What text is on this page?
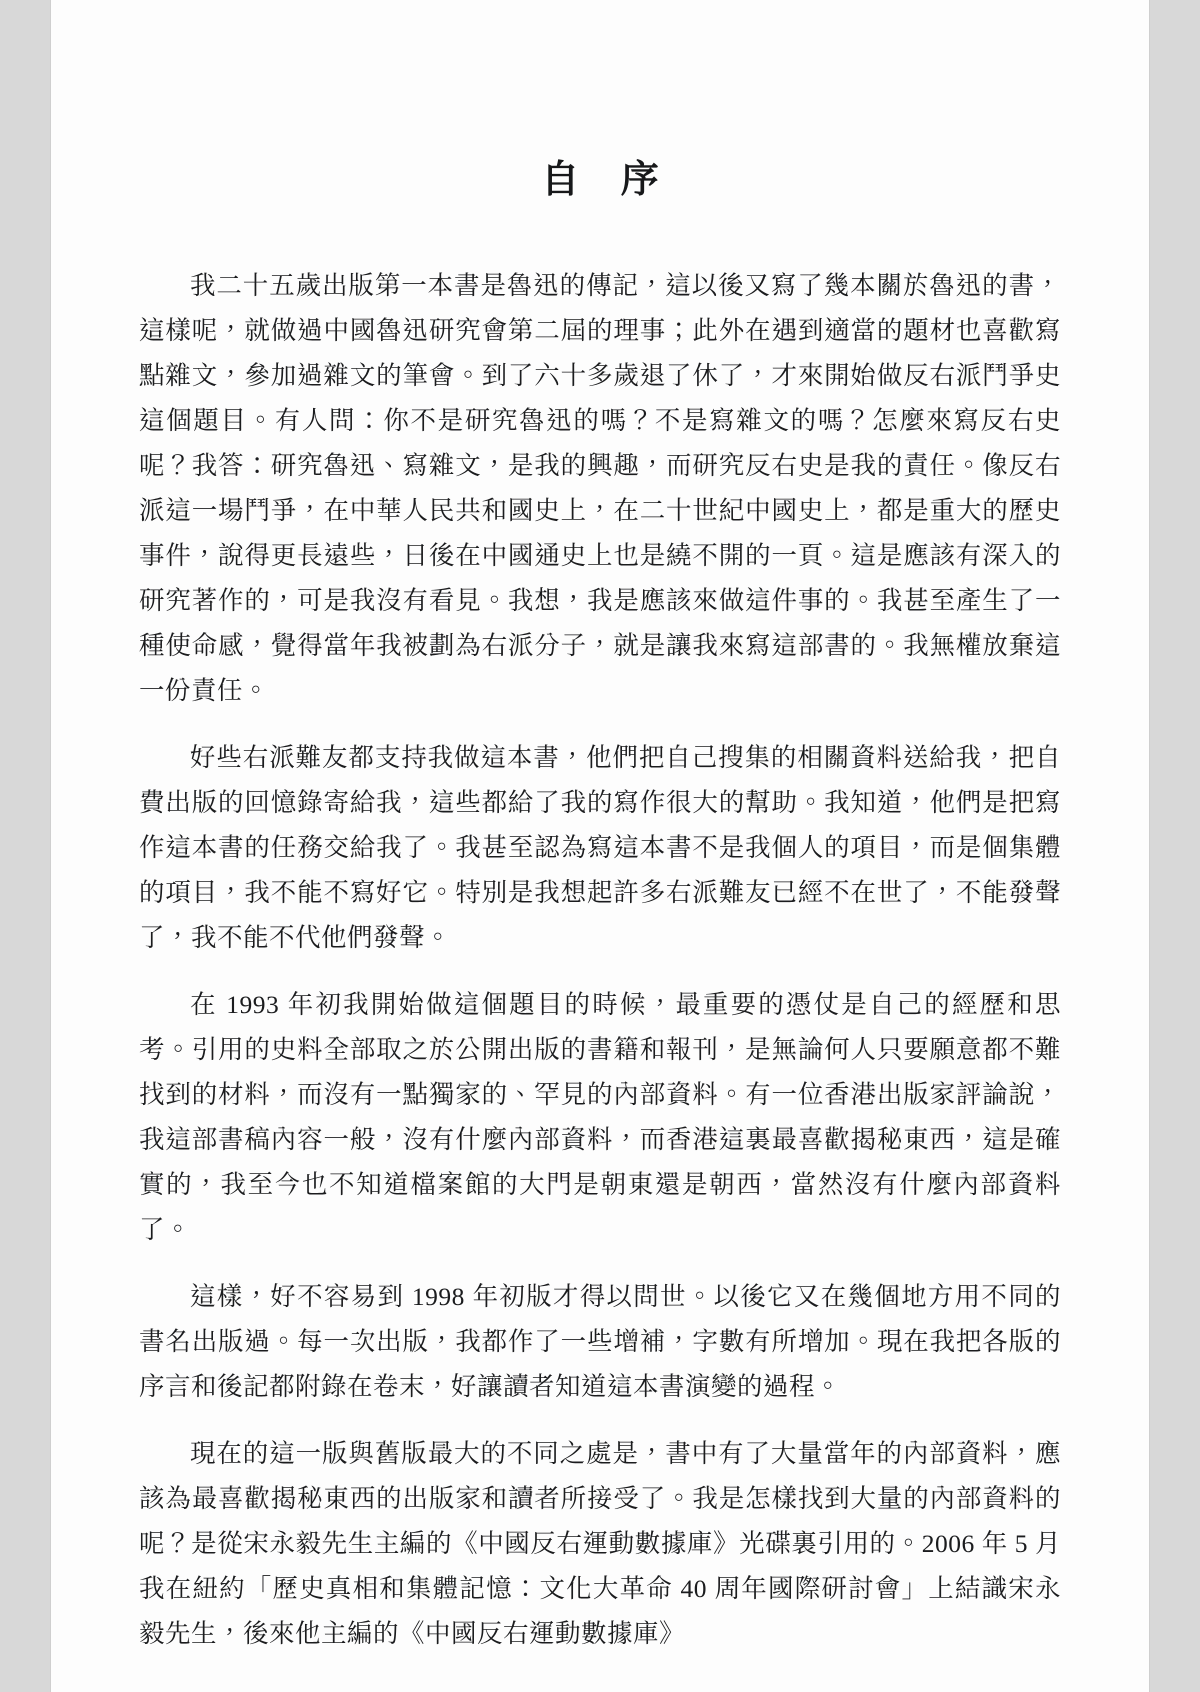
自 序

我二十五歲出版第一本書是魯迅的傳記，這以後又寫了幾本關於魯迅的書，這樣呢，就做過中國魯迅研究會第二屆的理事；此外在遇到適當的題材也喜歡寫點雜文，參加過雜文的筆會。到了六十多歲退了休了，才來開始做反右派鬥爭史這個題目。有人問：你不是研究魯迅的嗎？不是寫雜文的嗎？怎麼來寫反右史呢？我答：研究魯迅、寫雜文，是我的興趣，而研究反右史是我的責任。像反右派這一場鬥爭，在中華人民共和國史上，在二十世紀中國史上，都是重大的歷史事件，說得更長遠些，日後在中國通史上也是繞不開的一頁。這是應該有深入的研究著作的，可是我沒有看見。我想，我是應該來做這件事的。我甚至產生了一種使命感，覺得當年我被劃為右派分子，就是讓我來寫這部書的。我無權放棄這一份責任。

好些右派難友都支持我做這本書，他們把自己搜集的相關資料送給我，把自費出版的回憶錄寄給我，這些都給了我的寫作很大的幫助。我知道，他們是把寫作這本書的任務交給我了。我甚至認為寫這本書不是我個人的項目，而是個集體的項目，我不能不寫好它。特別是我想起許多右派難友已經不在世了，不能發聲了，我不能不代他們發聲。

在 1993 年初我開始做這個題目的時候，最重要的憑仗是自己的經歷和思考。引用的史料全部取之於公開出版的書籍和報刊，是無論何人只要願意都不難找到的材料，而沒有一點獨家的、罕見的內部資料。有一位香港出版家評論說，我這部書稿內容一般，沒有什麼內部資料，而香港這裏最喜歡揭秘東西，這是確實的，我至今也不知道檔案館的大門是朝東還是朝西，當然沒有什麼內部資料了。

這樣，好不容易到 1998 年初版才得以問世。以後它又在幾個地方用不同的書名出版過。每一次出版，我都作了一些增補，字數有所增加。現在我把各版的序言和後記都附錄在卷末，好讓讀者知道這本書演變的過程。

現在的這一版與舊版最大的不同之處是，書中有了大量當年的內部資料，應該為最喜歡揭秘東西的出版家和讀者所接受了。我是怎樣找到大量的內部資料的呢？是從宋永毅先生主編的《中國反右運動數據庫》光碟裏引用的。2006 年 5 月我在紐約「歷史真相和集體記憶：文化大革命 40 周年國際研討會」上結識宋永毅先生，後來他主編的《中國反右運動數據庫》
